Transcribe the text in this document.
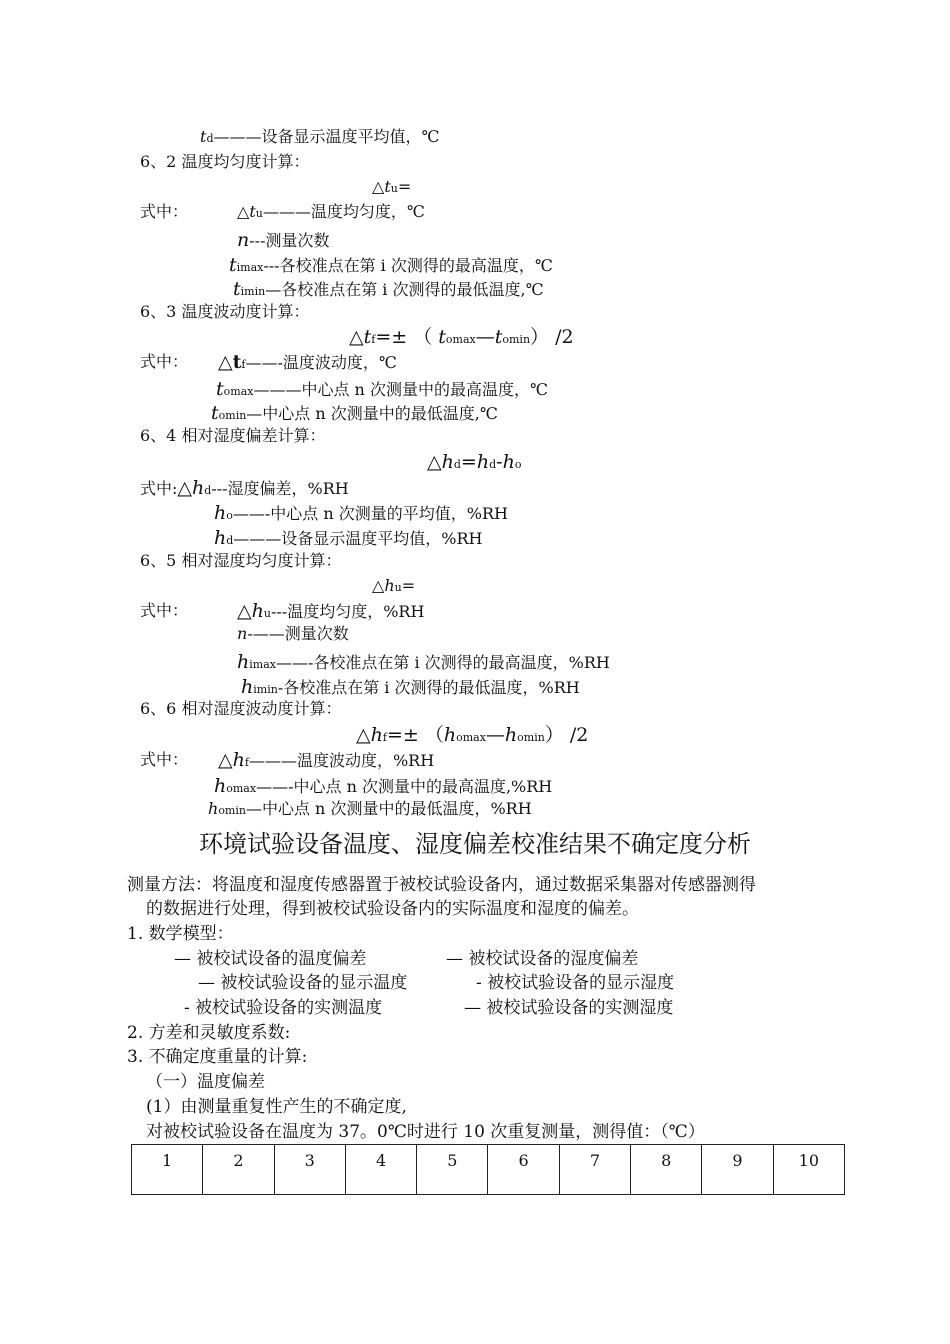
td———设备显示温度平均值，℃
6、2 温度均匀度计算：
△tu=
式中：	△tu———温度均匀度，℃
n---测量次数
timax---各校准点在第 i 次测得的最高温度，℃
timin—各校准点在第 i 次测得的最低温度,℃
6、3 温度波动度计算：
△tf=± （ tomax—tomin） /2
式中： △tf——-温度波动度，℃
tomax———中心点 n 次测量中的最高温度，℃
tomin—中心点 n 次测量中的最低温度,℃
6、4 相对湿度偏差计算：
△hd=hd-ho
式中:△hd---湿度偏差，%RH
ho——-中心点 n 次测量的平均值，%RH
hd———设备显示温度平均值，%RH
6、5 相对湿度均匀度计算：
△hu=
式中：	△hu---温度均匀度，%RH
n-——测量次数
himax——-各校准点在第 i 次测得的最高温度，%RH
himin-各校准点在第 i 次测得的最低温度，%RH
6、6 相对湿度波动度计算：
△hf=± （homax—homin） /2
式中： △hf———温度波动度，%RH
homax——-中心点 n 次测量中的最高温度,%RH
homin—中心点 n 次测量中的最低温度，%RH
环境试验设备温度、湿度偏差校准结果不确定度分析
测量方法：将温度和湿度传感器置于被校试验设备内，通过数据采集器对传感器测得
的数据进行处理，得到被校试验设备内的实际温度和湿度的偏差。
1. 数学模型：
— 被校试设备的温度偏差	— 被校试设备的湿度偏差
— 被校试验设备的显示温度	- 被校试验设备的显示湿度
- 被校试验设备的实测温度	— 被校试验设备的实测湿度
2. 方差和灵敏度系数:
3. 不确定度重量的计算:
（一）温度偏差
(1）由测量重复性产生的不确定度,
对被校试验设备在温度为 37。0℃时进行 10 次重复测量，测得值：（℃）
1	2	3	4	5	6	7	8	9	10
